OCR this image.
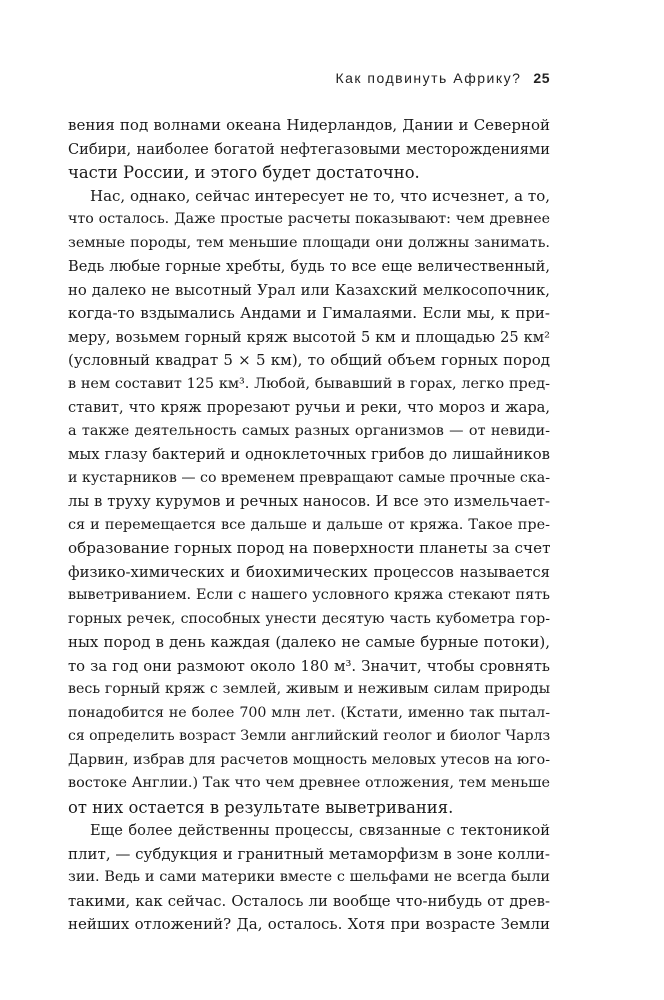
Как подвинуть Африку? 25
вения под волнами океана Нидерландов, Дании и Северной
Сибири, наиболее богатой нефтегазовыми месторождениями
части России, и этого будет достаточно.
Нас, однако, сейчас интересует не то, что исчезнет, а то,
что осталось. Даже простые расчеты показывают: чем древнее
земные породы, тем меньшие площади они должны занимать.
Ведь любые горные хребты, будь то все еще величественный,
но далеко не высотный Урал или Казахский мелкосопочник,
когда-то вздымались Андами и Гималаями. Если мы, к при-
меру, возьмем горный кряж высотой 5 км и площадью 25 км²
(условный квадрат 5 × 5 км), то общий объем горных пород
в нем составит 125 км³. Любой, бывавший в горах, легко пред-
ставит, что кряж прорезают ручьи и реки, что мороз и жара,
а также деятельность самых разных организмов — от невиди-
мых глазу бактерий и одноклеточных грибов до лишайников
и кустарников — со временем превращают самые прочные ска-
лы в труху курумов и речных наносов. И все это измельчает-
ся и перемещается все дальше и дальше от кряжа. Такое пре-
образование горных пород на поверхности планеты за счет
физико-химических и биохимических процессов называется
выветриванием. Если с нашего условного кряжа стекают пять
горных речек, способных унести десятую часть кубометра гор-
ных пород в день каждая (далеко не самые бурные потоки),
то за год они размоют около 180 м³. Значит, чтобы сровнять
весь горный кряж с землей, живым и неживым силам природы
понадобится не более 700 млн лет. (Кстати, именно так пытал-
ся определить возраст Земли английский геолог и биолог Чарлз
Дарвин, избрав для расчетов мощность меловых утесов на юго-
востоке Англии.) Так что чем древнее отложения, тем меньше
от них остается в результате выветривания.
Еще более действенны процессы, связанные с тектоникой
плит, — субдукция и гранитный метаморфизм в зоне колли-
зии. Ведь и сами материки вместе с шельфами не всегда были
такими, как сейчас. Осталось ли вообще что-нибудь от древ-
нейших отложений? Да, осталось. Хотя при возрасте Земли
